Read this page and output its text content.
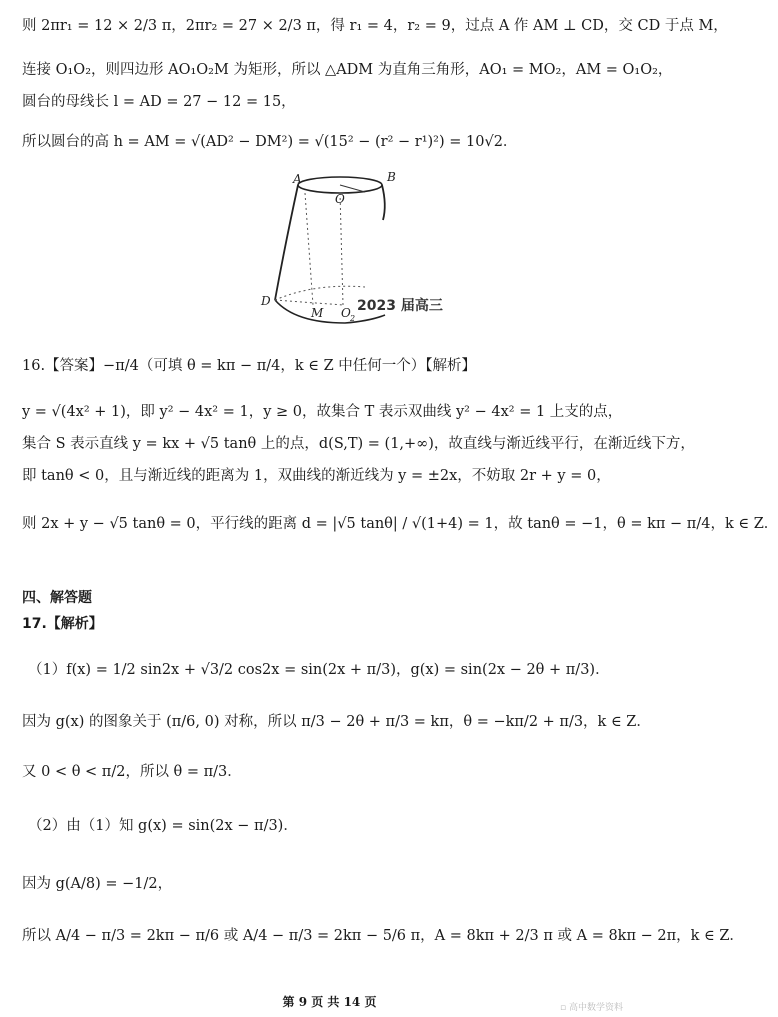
则 2πr₁ = 12 × 2/3 π，2πr₂ = 27 × 2/3 π，得 r₁ = 4，r₂ = 9，过点 A 作 AM ⊥ CD，交 CD 于点 M，
连接 O₁O₂，则四边形 AO₁O₂M 为矩形，所以 △ADM 为直角三角形，AO₁ = MO₂，AM = O₁O₂，
圆台的母线长 l = AD = 27 − 12 = 15，
所以圆台的高 h = AM = √(AD² − DM²) = √(15² − (r² − r¹)²) = 10√2．
A	B
O
D
M O 2
2023 届高三
16.【答案】−π/4（可填 θ = kπ − π/4，k ∈ Z 中任何一个）【解析】
y = √(4x² + 1)，即 y² − 4x² = 1，y ≥ 0，故集合 T 表示双曲线 y² − 4x² = 1 上支的点，
集合 S 表示直线 y = kx + √5 tanθ 上的点，d(S,T) = (1,+∞)，故直线与渐近线平行，在渐近线下方，
即 tanθ < 0，且与渐近线的距离为 1，双曲线的渐近线为 y = ±2x，不妨取 2r + y = 0，
则 2x + y − √5 tanθ = 0，平行线的距离 d = |√5 tanθ| / √(1+4) = 1，故 tanθ = −1，θ = kπ − π/4，k ∈ Z．
四、解答题
17.【解析】
（1）f(x) = 1/2 sin2x + √3/2 cos2x = sin(2x + π/3)，g(x) = sin(2x − 2θ + π/3)．
因为 g(x) 的图象关于 (π/6, 0) 对称，所以 π/3 − 2θ + π/3 = kπ，θ = −kπ/2 + π/3，k ∈ Z．
又 0 < θ < π/2，所以 θ = π/3．
（2）由（1）知 g(x) = sin(2x − π/3)．
因为 g(A/8) = −1/2，
所以 A/4 − π/3 = 2kπ − π/6 或 A/4 − π/3 = 2kπ − 5/6 π，A = 8kπ + 2/3 π 或 A = 8kπ − 2π，k ∈ Z．
第 9 页 共 14 页	▫ 高中数学资料
